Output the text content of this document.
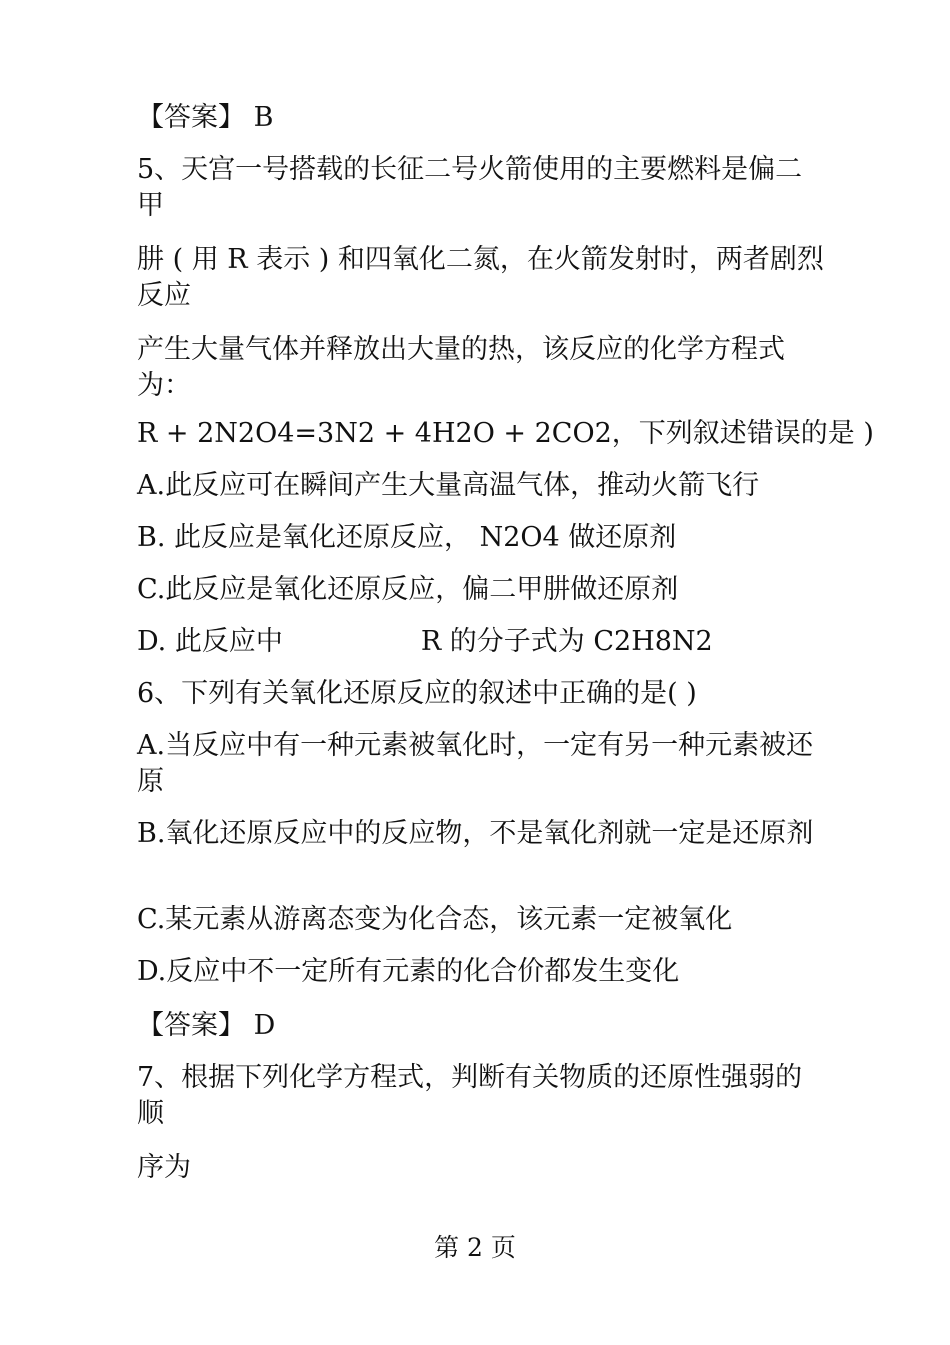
【答案】 B
5、天宫一号搭载的长征二号火箭使用的主要燃料是偏二甲
肼 ( 用 R 表示 ) 和四氧化二氮，在火箭发射时，两者剧烈反应
产生大量气体并释放出大量的热，该反应的化学方程式为：
R + 2N2O4=3N2 + 4H2O + 2CO2，下列叙述错误的是 )
A.此反应可在瞬间产生大量高温气体，推动火箭飞行
B. 此反应是氧化还原反应， N2O4 做还原剂
C.此反应是氧化还原反应，偏二甲肼做还原剂
D. 此反应中	R 的分子式为 C2H8N2
6、下列有关氧化还原反应的叙述中正确的是( )
A.当反应中有一种元素被氧化时，一定有另一种元素被还原
B.氧化还原反应中的反应物，不是氧化剂就一定是还原剂
C.某元素从游离态变为化合态，该元素一定被氧化
D.反应中不一定所有元素的化合价都发生变化
【答案】 D
7、根据下列化学方程式，判断有关物质的还原性强弱的顺
序为
第 2 页
